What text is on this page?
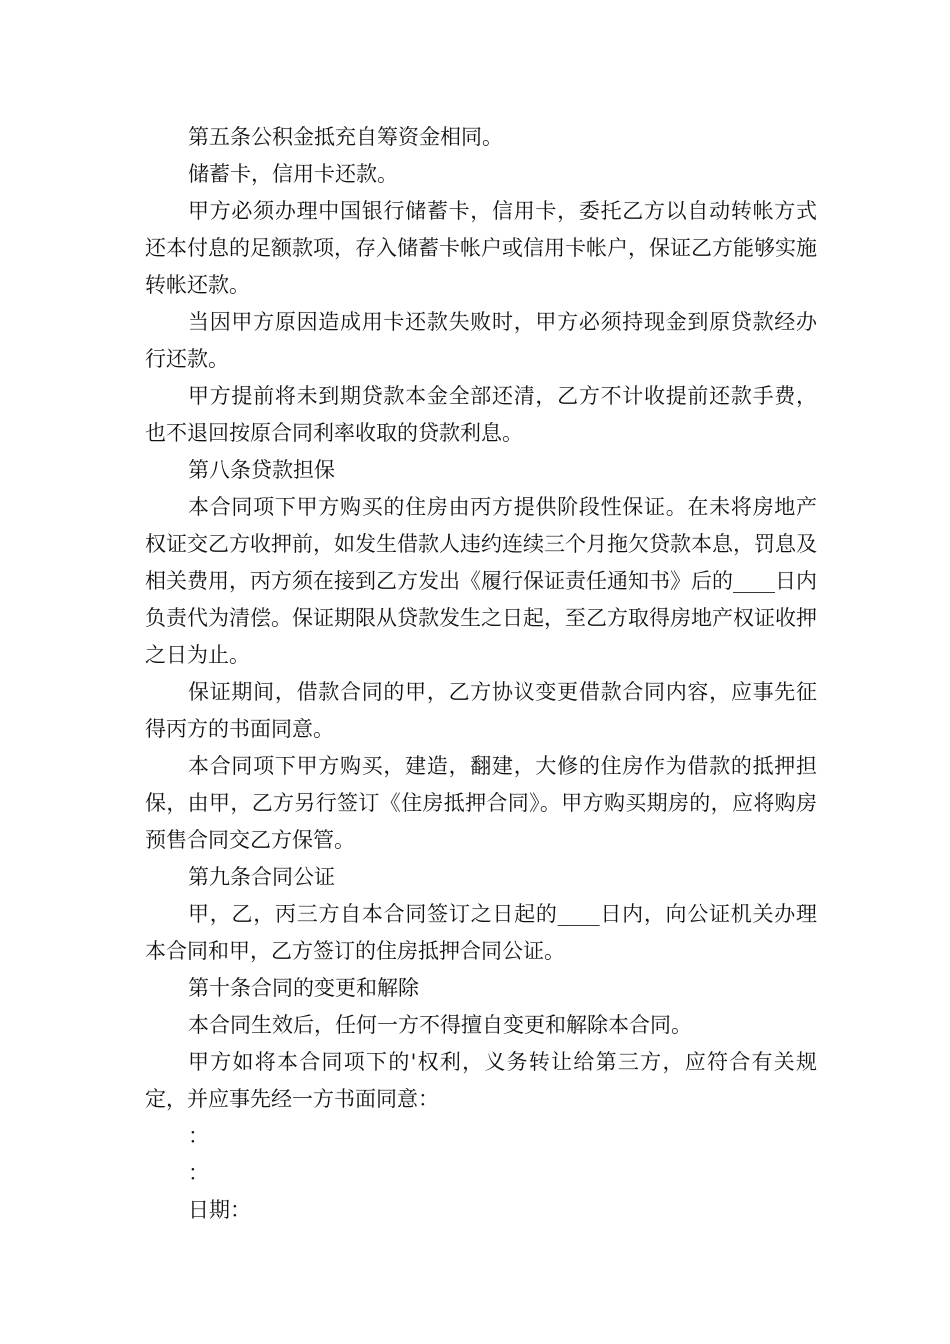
第五条公积金抵充自筹资金相同。

储蓄卡，信用卡还款。

甲方必须办理中国银行储蓄卡，信用卡，委托乙方以自动转帐方式还本付息的足额款项，存入储蓄卡帐户或信用卡帐户，保证乙方能够实施转帐还款。

当因甲方原因造成用卡还款失败时，甲方必须持现金到原贷款经办行还款。

甲方提前将未到期贷款本金全部还清，乙方不计收提前还款手费，也不退回按原合同利率收取的贷款利息。

第八条贷款担保

本合同项下甲方购买的住房由丙方提供阶段性保证。在未将房地产权证交乙方收押前，如发生借款人违约连续三个月拖欠贷款本息，罚息及相关费用，丙方须在接到乙方发出《履行保证责任通知书》后的____日内负责代为清偿。保证期限从贷款发生之日起，至乙方取得房地产权证收押之日为止。

保证期间，借款合同的甲，乙方协议变更借款合同内容，应事先征得丙方的书面同意。

本合同项下甲方购买，建造，翻建，大修的住房作为借款的抵押担保，由甲，乙方另行签订《住房抵押合同》。甲方购买期房的，应将购房预售合同交乙方保管。

第九条合同公证

甲，乙，丙三方自本合同签订之日起的____日内，向公证机关办理本合同和甲，乙方签订的住房抵押合同公证。

第十条合同的变更和解除

本合同生效后，任何一方不得擅自变更和解除本合同。

甲方如将本合同项下的'权利，义务转让给第三方，应符合有关规定，并应事先经一方书面同意：

：

：

日期：
